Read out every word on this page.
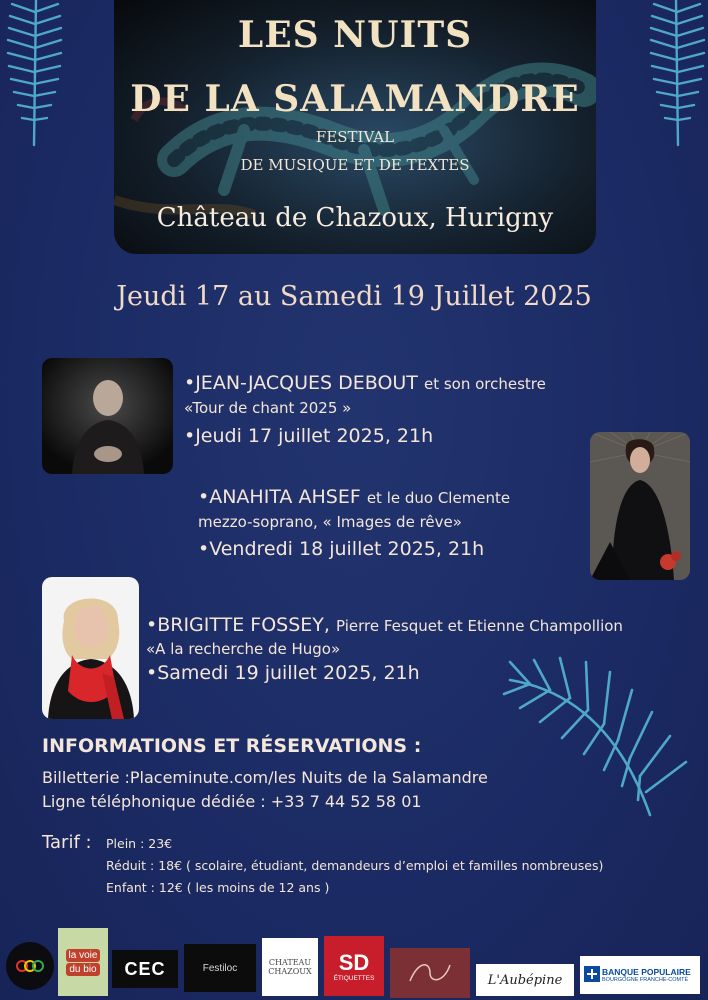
LES NUITS
DE LA SALAMANDRE
FESTIVAL
DE MUSIQUE ET DE TEXTES
Château de Chazoux, Hurigny
Jeudi 17 au Samedi 19 Juillet 2025
•JEAN-JACQUES DEBOUT et son orchestre
«Tour de chant 2025 »
•Jeudi 17 juillet 2025, 21h
•ANAHITA AHSEF et le duo Clemente
mezzo-soprano, « Images de rêve»
•Vendredi 18 juillet 2025, 21h
•BRIGITTE FOSSEY, Pierre Fesquet et Etienne Champollion
«A la recherche de Hugo»
•Samedi 19 juillet 2025, 21h
INFORMATIONS ET RÉSERVATIONS :
Billetterie :Placeminute.com/les Nuits de la Salamandre
Ligne téléphonique dédiée : +33 7 44 52 58 01
Tarif : Plein : 23€
Réduit : 18€ ( scolaire, étudiant, demandeurs d’emploi et familles nombreuses)
Enfant : 12€ ( les moins de 12 ans )
la voie
du bio CEC	Festiloc	CHATEAU
CHAZOUX SD
ÉTIQUETTES	L'Aubépine
BANQUE POPULAIRE
BOURGOGNE FRANCHE-COMTÉ
